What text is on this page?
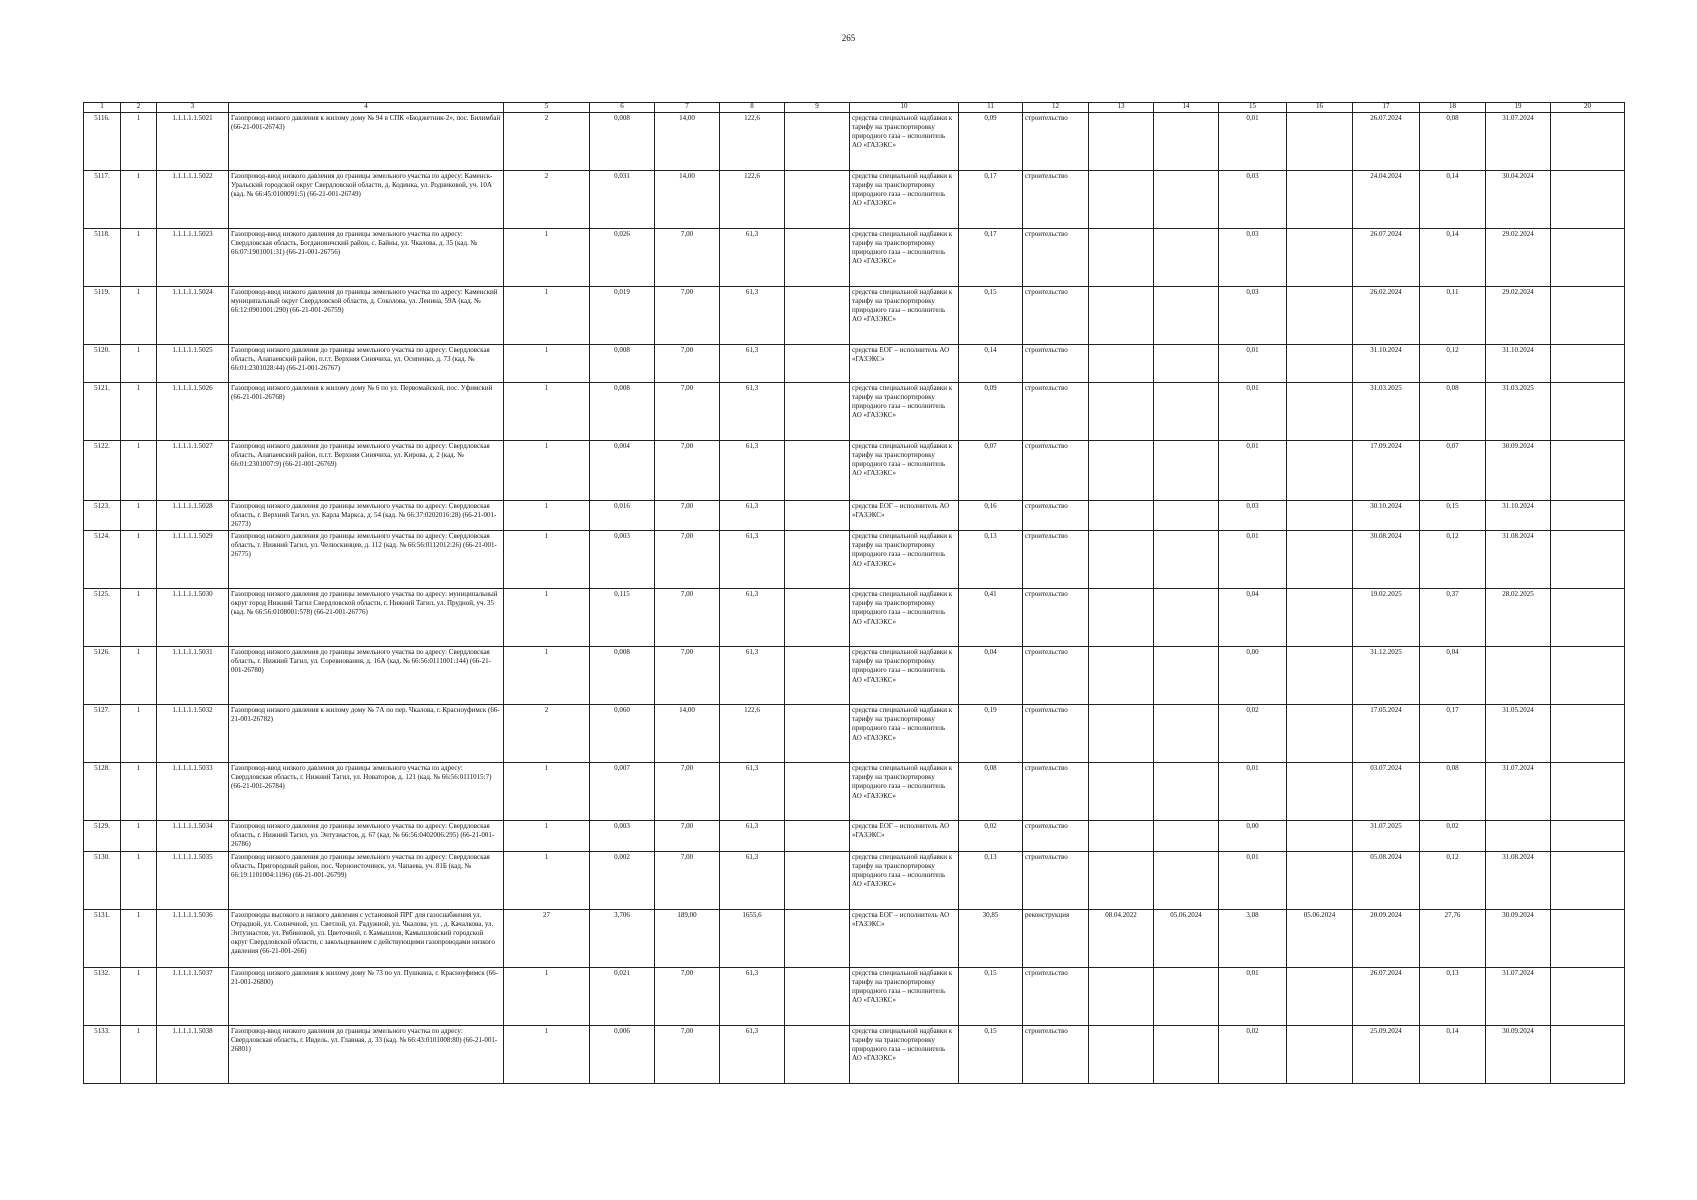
265
1	2	3	4	5	6	7	8	9	10	11	12	13	14	15	16	17	18	19	20
5116.	1	1.1.1.1.1.5021	Газопровод низкого давления к жилому дому № 94 в СПК «Бюджетник-2», пос. Билимбай (66-21-001-26743)	2	0,008	14,00	122,6		средства специальной надбавки к тарифу на транспортировку природного газа – исполнитель АО «ГАЗЭКС»	0,09	строительство			0,01		26.07.2024	0,08	31.07.2024	
5117.	1	1.1.1.1.1.5022	Газопровод-ввод низкого давления до границы земельного участка по адресу: Каменск-Уральский городской округ Свердловской области, д. Кодинка, ул. Родниковой, уч. 10А (кад. № 66:45:0100091:5) (66-21-001-26749)	2	0,031	14,00	122,6		средства специальной надбавки к тарифу на транспортировку природного газа – исполнитель АО «ГАЗЭКС»	0,17	строительство			0,03		24.04.2024	0,14	30.04.2024	
5118.	1	1.1.1.1.1.5023	Газопровод-ввод низкого давления до границы земельного участка по адресу: Свердловская область, Богдановичский район, с. Байны, ул. Чкалова, д. 35 (кад. № 66:07:1901001:31) (66-21-001-26756)	1	0,026	7,00	61,3		средства специальной надбавки к тарифу на транспортировку природного газа – исполнитель АО «ГАЗЭКС»	0,17	строительство			0,03		26.07.2024	0,14	29.02.2024	
5119.	1	1.1.1.1.1.5024	Газопровод-ввод низкого давления до границы земельного участка по адресу: Каменский муниципальный округ Свердловской области, д. Соколова, ул. Ленина, 59А (кад. № 66:12:0901001:290) (66-21-001-26759)	1	0,019	7,00	61,3		средства специальной надбавки к тарифу на транспортировку природного газа – исполнитель АО «ГАЗЭКС»	0,15	строительство			0,03		26.02.2024	0,11	29.02.2024	
5120.	1	1.1.1.1.1.5025	Газопровод низкого давления до границы земельного участка по адресу: Свердловская область, Алапаевский район, п.г.т. Верхняя Синячиха, ул. Осипенко, д. 73 (кад. № 66:01:2301028:44) (66-21-001-26767)	1	0,008	7,00	61,3		средства ЕОГ – исполнитель АО «ГАЗЭКС»	0,14	строительство			0,01		31.10.2024	0,12	31.10.2024	
5121.	1	1.1.1.1.1.5026	Газопровод низкого давления к жилому дому № 6 по ул. Первомайской, пос. Уфимский (66-21-001-26768)	1	0,008	7,00	61,3		средства специальной надбавки к тарифу на транспортировку природного газа – исполнитель АО «ГАЗЭКС»	0,09	строительство			0,01		31.03.2025	0,08	31.03.2025	
5122.	1	1.1.1.1.1.5027	Газопровод низкого давления до границы земельного участка по адресу: Свердловская область, Алапаевский район, п.г.т. Верхняя Синячиха, ул. Кирова, д. 2 (кад. № 66:01:2301007:9) (66-21-001-26769)	1	0,004	7,00	61,3		средства специальной надбавки к тарифу на транспортировку природного газа – исполнитель АО «ГАЗЭКС»	0,07	строительство			0,01		17.09.2024	0,07	30.09.2024	
5123.	1	1.1.1.1.1.5028	Газопровод низкого давления до границы земельного участка по адресу: Свердловская область, г. Верхний Тагил, ул. Карла Маркса, д. 54 (кад. № 66:37:0202016:28) (66-21-001-26773)	1	0,016	7,00	61,3		средства ЕОГ – исполнитель АО «ГАЗЭКС»	0,16	строительство			0,03		30.10.2024	0,15	31.10.2024	
5124.	1	1.1.1.1.1.5029	Газопровод низкого давления до границы земельного участка по адресу: Свердловская область, г. Нижний Тагил, ул. Челюскинцев, д. 112 (кад. № 66:56:0112012:26) (66-21-001-26775)	1	0,003	7,00	61,3		средства специальной надбавки к тарифу на транспортировку природного газа – исполнитель АО «ГАЗЭКС»	0,13	строительство			0,01		30.08.2024	0,12	31.08.2024	
5125.	1	1.1.1.1.1.5030	Газопровод низкого давления до границы земельного участка по адресу: муниципальный округ город Нижний Тагил Свердловской области, г. Нижний Тагил, ул. Прудной, уч. 35 (кад. № 66:56:0108001:578) (66-21-001-26776)	1	0,115	7,00	61,3		средства специальной надбавки к тарифу на транспортировку природного газа – исполнитель АО «ГАЗЭКС»	0,41	строительство			0,04		19.02.2025	0,37	28.02.2025	
5126.	1	1.1.1.1.1.5031	Газопровод низкого давления до границы земельного участка по адресу: Свердловская область, г. Нижний Тагил, ул. Соревнования, д. 16А (кад. № 66:56:0111001:144) (66-21-001-26780)	1	0,008	7,00	61,3		средства специальной надбавки к тарифу на транспортировку природного газа – исполнитель АО «ГАЗЭКС»	0,04	строительство			0,00		31.12.2025	0,04		
5127.	1	1.1.1.1.1.5032	Газопровод низкого давления к жилому дому № 7А по пер. Чкалова, г. Красноуфимск (66-21-001-26782)	2	0,060	14,00	122,6		средства специальной надбавки к тарифу на транспортировку природного газа – исполнитель АО «ГАЗЭКС»	0,19	строительство			0,02		17.05.2024	0,17	31.05.2024	
5128.	1	1.1.1.1.1.5033	Газопровод-ввод низкого давления до границы земельного участка по адресу: Свердловская область, г. Нижний Тагил, ул. Новаторов, д. 121 (кад. № 66:56:0111015:7) (66-21-001-26784)	1	0,007	7,00	61,3		средства специальной надбавки к тарифу на транспортировку природного газа – исполнитель АО «ГАЗЭКС»	0,08	строительство			0,01		03.07.2024	0,08	31.07.2024	
5129.	1	1.1.1.1.1.5034	Газопровод низкого давления до границы земельного участка по адресу: Свердловская область, г. Нижний Тагил, ул. Энтузиастов, д. 67 (кад. № 66:56:0402006:295) (66-21-001-26786)	1	0,003	7,00	61,3		средства ЕОГ – исполнитель АО «ГАЗЭКС»	0,02	строительство			0,00		31.07.2025	0,02		
5130.	1	1.1.1.1.1.5035	Газопровод низкого давления до границы земельного участка по адресу: Свердловская область, Пригородный район, пос. Черноисточинск, ул. Чапаева, уч. 81Б (кад. № 66:19:1101004:1196) (66-21-001-26799)	1	0,002	7,00	61,3		средства специальной надбавки к тарифу на транспортировку природного газа – исполнитель АО «ГАЗЭКС»	0,13	строительство			0,01		05.08.2024	0,12	31.08.2024	
5131.	1	1.1.1.1.1.5036	Газопроводы высокого и низкого давления с установкой ПРГ для газоснабжения ул. Отрадной, ул. Солнечной, ул. Светлой, ул. Радужной, ул. Чкалова, ул. , д. Качалкова, ул. Энтузиастов, ул. Рябиновой, ул. Цветочной, г. Камышлов, Камышловский городской округ Свердловской области, с закольцеванием с действующими газопроводами низкого давления (66-21-001-266)	27	3,706	189,00	1655,6		средства ЕОГ – исполнитель АО «ГАЗЭКС»	30,85	реконструкция	08.04.2022	05.06.2024	3,08	05.06.2024	20.09.2024	27,76	30.09.2024	
5132.	1	1.1.1.1.1.5037	Газопровод низкого давления к жилому дому № 73 по ул. Пушкина, г. Красноуфимск (66-21-001-26800)	1	0,021	7,00	61,3		средства специальной надбавки к тарифу на транспортировку природного газа – исполнитель АО «ГАЗЭКС»	0,15	строительство			0,01		26.07.2024	0,13	31.07.2024	
5133.	1	1.1.1.1.1.5038	Газопровод-ввод низкого давления до границы земельного участка по адресу: Свердловская область, г. Ивдель, ул. Главная, д. 33 (кад. № 66:43:0101008:80) (66-21-001-26801)	1	0,006	7,00	61,3		средства специальной надбавки к тарифу на транспортировку природного газа – исполнитель АО «ГАЗЭКС»	0,15	строительство			0,02		25.09.2024	0,14	30.09.2024	
